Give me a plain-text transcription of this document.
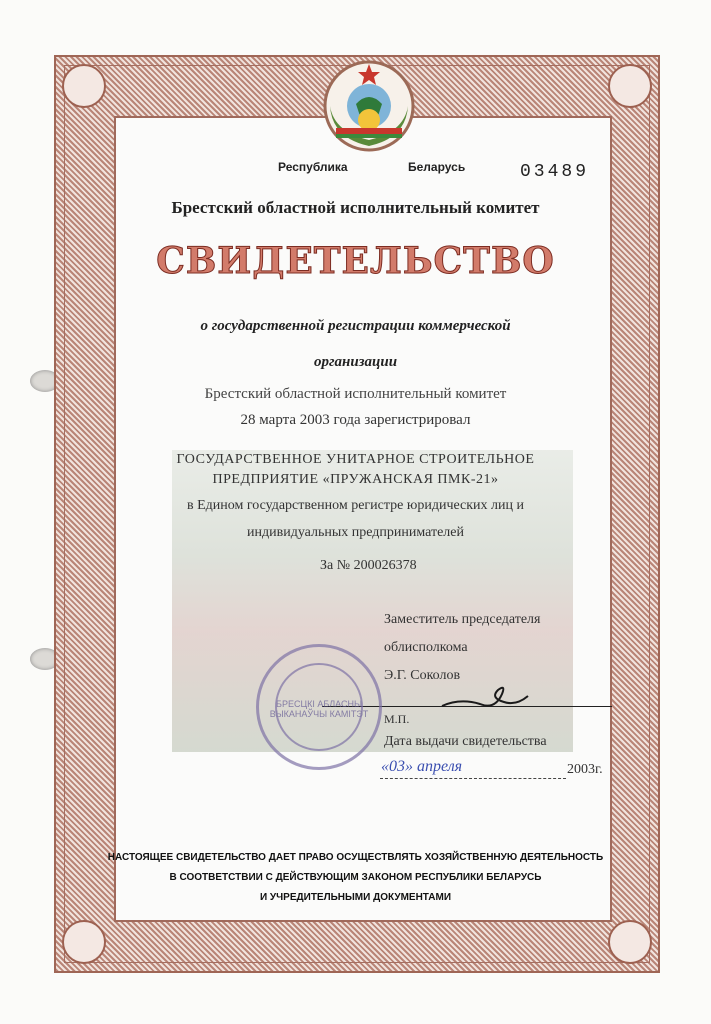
Республика	Беларусь	03489
Брестский областной исполнительный комитет
СВИДЕТЕЛЬСТВО
о государственной регистрации коммерческой
организации
Брестский областной исполнительный комитет
28 марта 2003 года зарегистрировал
ГОСУДАРСТВЕННОЕ УНИТАРНОЕ СТРОИТЕЛЬНОЕ
ПРЕДПРИЯТИЕ «ПРУЖАНСКАЯ ПМК-21»
в Едином государственном регистре юридических лиц и
индивидуальных предпринимателей
За № 200026378
Заместитель председателя
облисполкома
Э.Г. Соколов
М.П.
Дата выдачи свидетельства
«03» апреля	2003г.
БРЕСЦКІ АБЛАСНЫ ВЫКАНАЎЧЫ КАМІТЭТ
НАСТОЯЩЕЕ СВИДЕТЕЛЬСТВО ДАЕТ ПРАВО ОСУЩЕСТВЛЯТЬ ХОЗЯЙСТВЕННУЮ ДЕЯТЕЛЬНОСТЬ
В СООТВЕТСТВИИ С ДЕЙСТВУЮЩИМ ЗАКОНОМ РЕСПУБЛИКИ БЕЛАРУСЬ
И УЧРЕДИТЕЛЬНЫМИ ДОКУМЕНТАМИ
